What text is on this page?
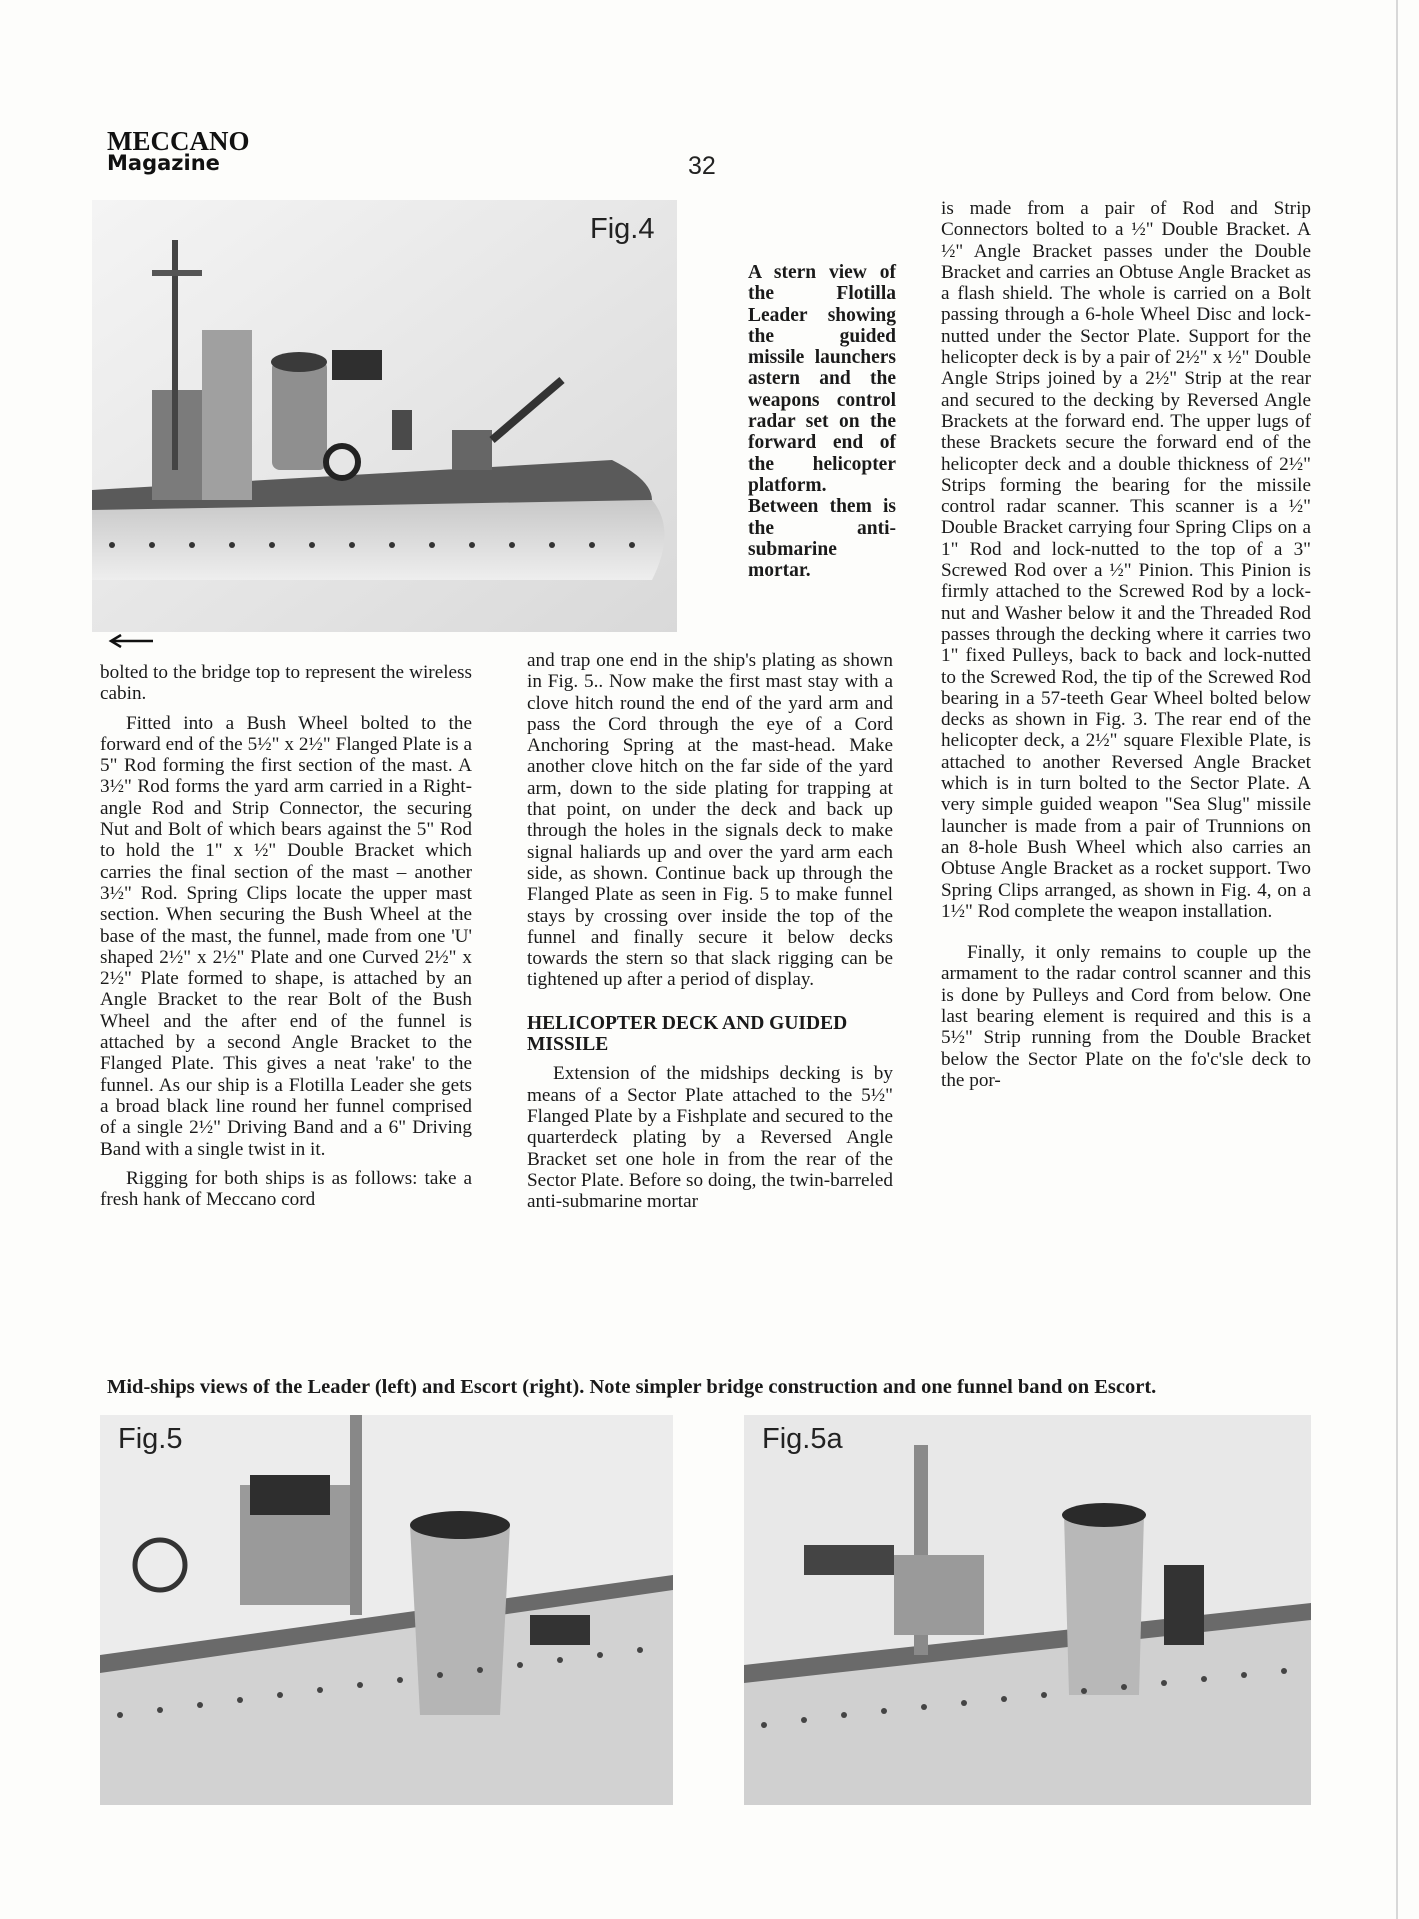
MECCANO
Magazine	32
Fig.4
A stern view of the Flotilla Leader showing the guided missile launchers astern and the weapons control radar set on the forward end of the helicopter platform. Between them is the anti-submarine mortar.

bolted to the bridge top to represent the wireless cabin.

Fitted into a Bush Wheel bolted to the forward end of the 5½" x 2½" Flanged Plate is a 5" Rod forming the first section of the mast. A 3½" Rod forms the yard arm carried in a Right-angle Rod and Strip Connector, the securing Nut and Bolt of which bears against the 5" Rod to hold the 1" x ½" Double Bracket which carries the final section of the mast – another 3½" Rod. Spring Clips locate the upper mast section. When securing the Bush Wheel at the base of the mast, the funnel, made from one 'U' shaped 2½" x 2½" Plate and one Curved 2½" x 2½" Plate formed to shape, is attached by an Angle Bracket to the rear Bolt of the Bush Wheel and the after end of the funnel is attached by a second Angle Bracket to the Flanged Plate. This gives a neat 'rake' to the funnel. As our ship is a Flotilla Leader she gets a broad black line round her funnel comprised of a single 2½" Driving Band and a 6" Driving Band with a single twist in it.

Rigging for both ships is as follows: take a fresh hank of Meccano cord

and trap one end in the ship's plating as shown in Fig. 5.. Now make the first mast stay with a clove hitch round the end of the yard arm and pass the Cord through the eye of a Cord Anchoring Spring at the mast-head. Make another clove hitch on the far side of the yard arm, down to the side plating for trapping at that point, on under the deck and back up through the holes in the signals deck to make signal haliards up and over the yard arm each side, as shown. Continue back up through the Flanged Plate as seen in Fig. 5 to make funnel stays by crossing over inside the top of the funnel and finally secure it below decks towards the stern so that slack rigging can be tightened up after a period of display.

HELICOPTER DECK AND GUIDED MISSILE

Extension of the midships decking is by means of a Sector Plate attached to the 5½" Flanged Plate by a Fishplate and secured to the quarterdeck plating by a Reversed Angle Bracket set one hole in from the rear of the Sector Plate. Before so doing, the twin-barreled anti-submarine mortar

is made from a pair of Rod and Strip Connectors bolted to a ½" Double Bracket. A ½" Angle Bracket passes under the Double Bracket and carries an Obtuse Angle Bracket as a flash shield. The whole is carried on a Bolt passing through a 6-hole Wheel Disc and lock-nutted under the Sector Plate. Support for the helicopter deck is by a pair of 2½" x ½" Double Angle Strips joined by a 2½" Strip at the rear and secured to the decking by Reversed Angle Brackets at the forward end. The upper lugs of these Brackets secure the forward end of the helicopter deck and a double thickness of 2½" Strips forming the bearing for the missile control radar scanner. This scanner is a ½" Double Bracket carrying four Spring Clips on a 1" Rod and lock-nutted to the top of a 3" Screwed Rod over a ½" Pinion. This Pinion is firmly attached to the Screwed Rod by a lock-nut and Washer below it and the Threaded Rod passes through the decking where it carries two 1" fixed Pulleys, back to back and lock-nutted to the Screwed Rod, the tip of the Screwed Rod bearing in a 57-teeth Gear Wheel bolted below decks as shown in Fig. 3. The rear end of the helicopter deck, a 2½" square Flexible Plate, is attached to another Reversed Angle Bracket which is in turn bolted to the Sector Plate. A very simple guided weapon "Sea Slug" missile launcher is made from a pair of Trunnions on an 8-hole Bush Wheel which also carries an Obtuse Angle Bracket as a rocket support. Two Spring Clips arranged, as shown in Fig. 4, on a 1½" Rod complete the weapon installation.

Finally, it only remains to couple up the armament to the radar control scanner and this is done by Pulleys and Cord from below. One last bearing element is required and this is a 5½" Strip running from the Double Bracket below the Sector Plate on the fo'c'sle deck to the por-

Mid-ships views of the Leader (left) and Escort (right). Note simpler bridge construction and one funnel band on Escort.
Fig.5	Fig.5a
